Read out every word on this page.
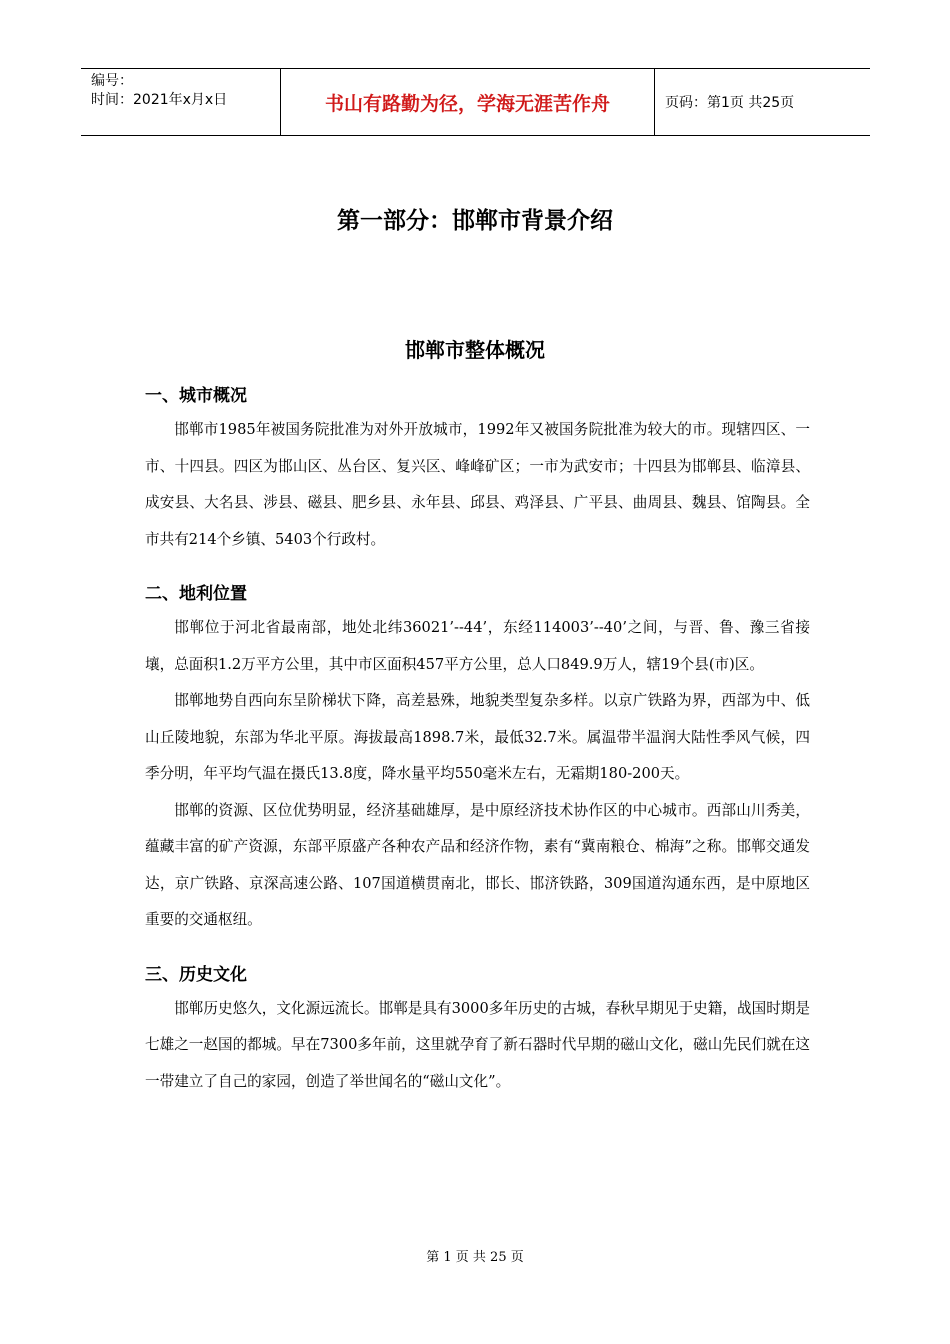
编号：
时间：2021年x月x日	书山有路勤为径，学海无涯苦作舟	页码：第1页 共25页
第一部分：邯郸市背景介绍
邯郸市整体概况
一、城市概况

邯郸市1985年被国务院批准为对外开放城市，1992年又被国务院批准为较大的市。现辖四区、一市、十四县。四区为邯山区、丛台区、复兴区、峰峰矿区；一市为武安市；十四县为邯郸县、临漳县、成安县、大名县、涉县、磁县、肥乡县、永年县、邱县、鸡泽县、广平县、曲周县、魏县、馆陶县。全市共有214个乡镇、5403个行政村。

二、地利位置

邯郸位于河北省最南部，地处北纬36021’--44’，东经114003’--40’之间，与晋、鲁、豫三省接壤，总面积1.2万平方公里，其中市区面积457平方公里，总人口849.9万人，辖19个县(市)区。

邯郸地势自西向东呈阶梯状下降，高差悬殊，地貌类型复杂多样。以京广铁路为界，西部为中、低山丘陵地貌，东部为华北平原。海拔最高1898.7米，最低32.7米。属温带半温润大陆性季风气候，四季分明，年平均气温在摄氏13.8度，降水量平均550毫米左右，无霜期180-200天。

邯郸的资源、区位优势明显，经济基础雄厚，是中原经济技术协作区的中心城市。西部山川秀美，蕴藏丰富的矿产资源，东部平原盛产各种农产品和经济作物，素有“冀南粮仓、棉海”之称。邯郸交通发达，京广铁路、京深高速公路、107国道横贯南北，邯长、邯济铁路，309国道沟通东西，是中原地区重要的交通枢纽。

三、历史文化

邯郸历史悠久，文化源远流长。邯郸是具有3000多年历史的古城，春秋早期见于史籍，战国时期是七雄之一赵国的都城。早在7300多年前，这里就孕育了新石器时代早期的磁山文化，磁山先民们就在这一带建立了自己的家园，创造了举世闻名的“磁山文化”。

第 1 页 共 25 页
